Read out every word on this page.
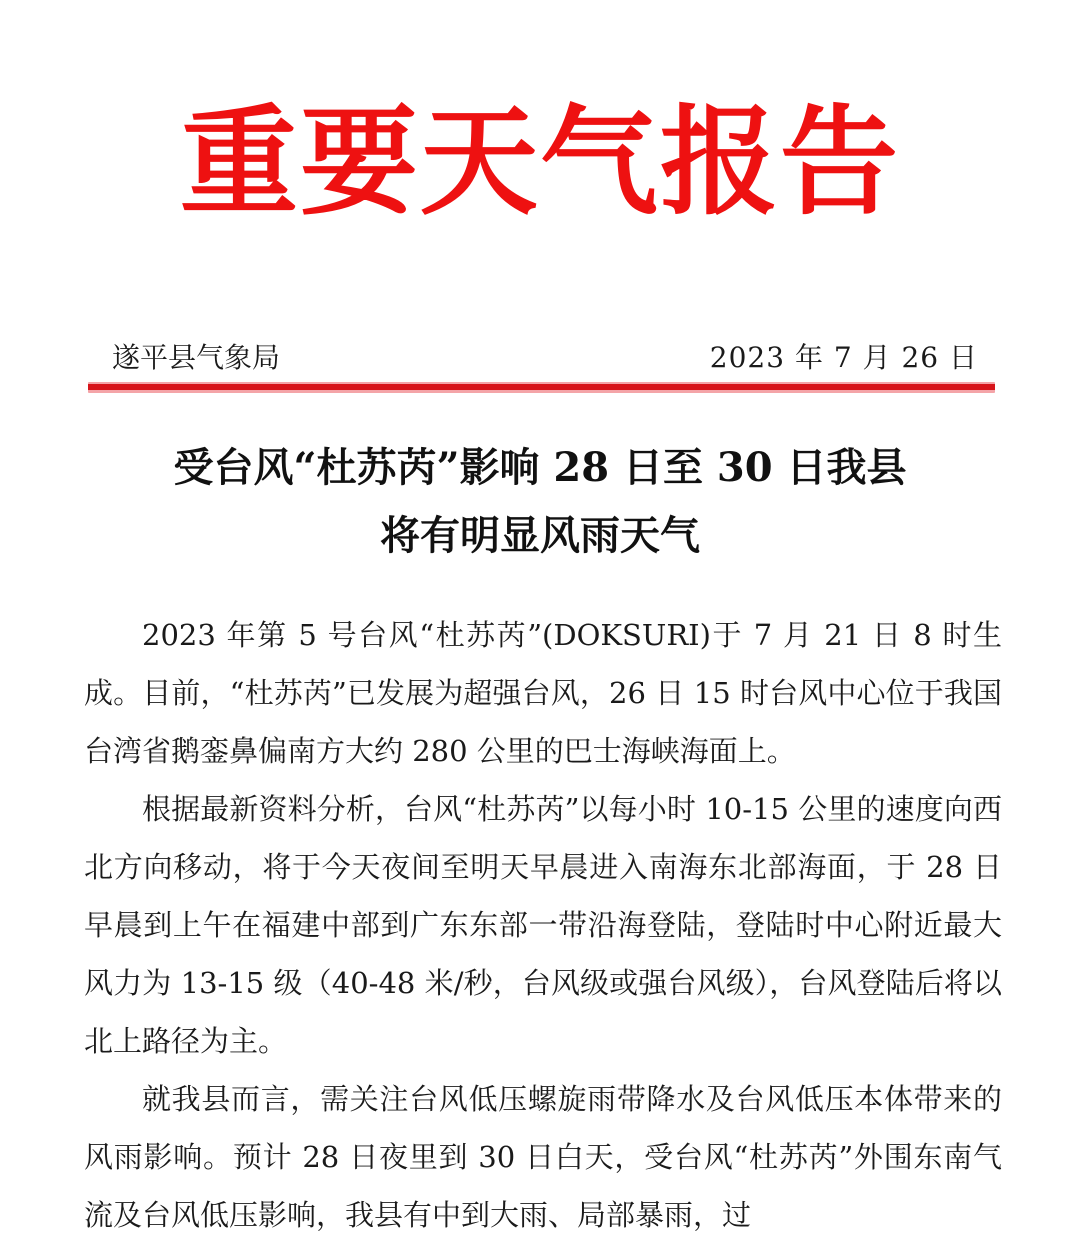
重要天气报告
遂平县气象局	2023 年 7 月 26 日
受台风“杜苏芮”影响 28 日至 30 日我县
将有明显风雨天气

2023 年第 5 号台风“杜苏芮”(DOKSURI)于 7 月 21 日 8 时生成。目前，“杜苏芮”已发展为超强台风，26 日 15 时台风中心位于我国台湾省鹅銮鼻偏南方大约 280 公里的巴士海峡海面上。

根据最新资料分析，台风“杜苏芮”以每小时 10-15 公里的速度向西北方向移动，将于今天夜间至明天早晨进入南海东北部海面，于 28 日早晨到上午在福建中部到广东东部一带沿海登陆，登陆时中心附近最大风力为 13-15 级（40-48 米/秒，台风级或强台风级），台风登陆后将以北上路径为主。

就我县而言，需关注台风低压螺旋雨带降水及台风低压本体带来的风雨影响。预计 28 日夜里到 30 日白天，受台风“杜苏芮”外围东南气流及台风低压影响，我县有中到大雨、局部暴雨，过
